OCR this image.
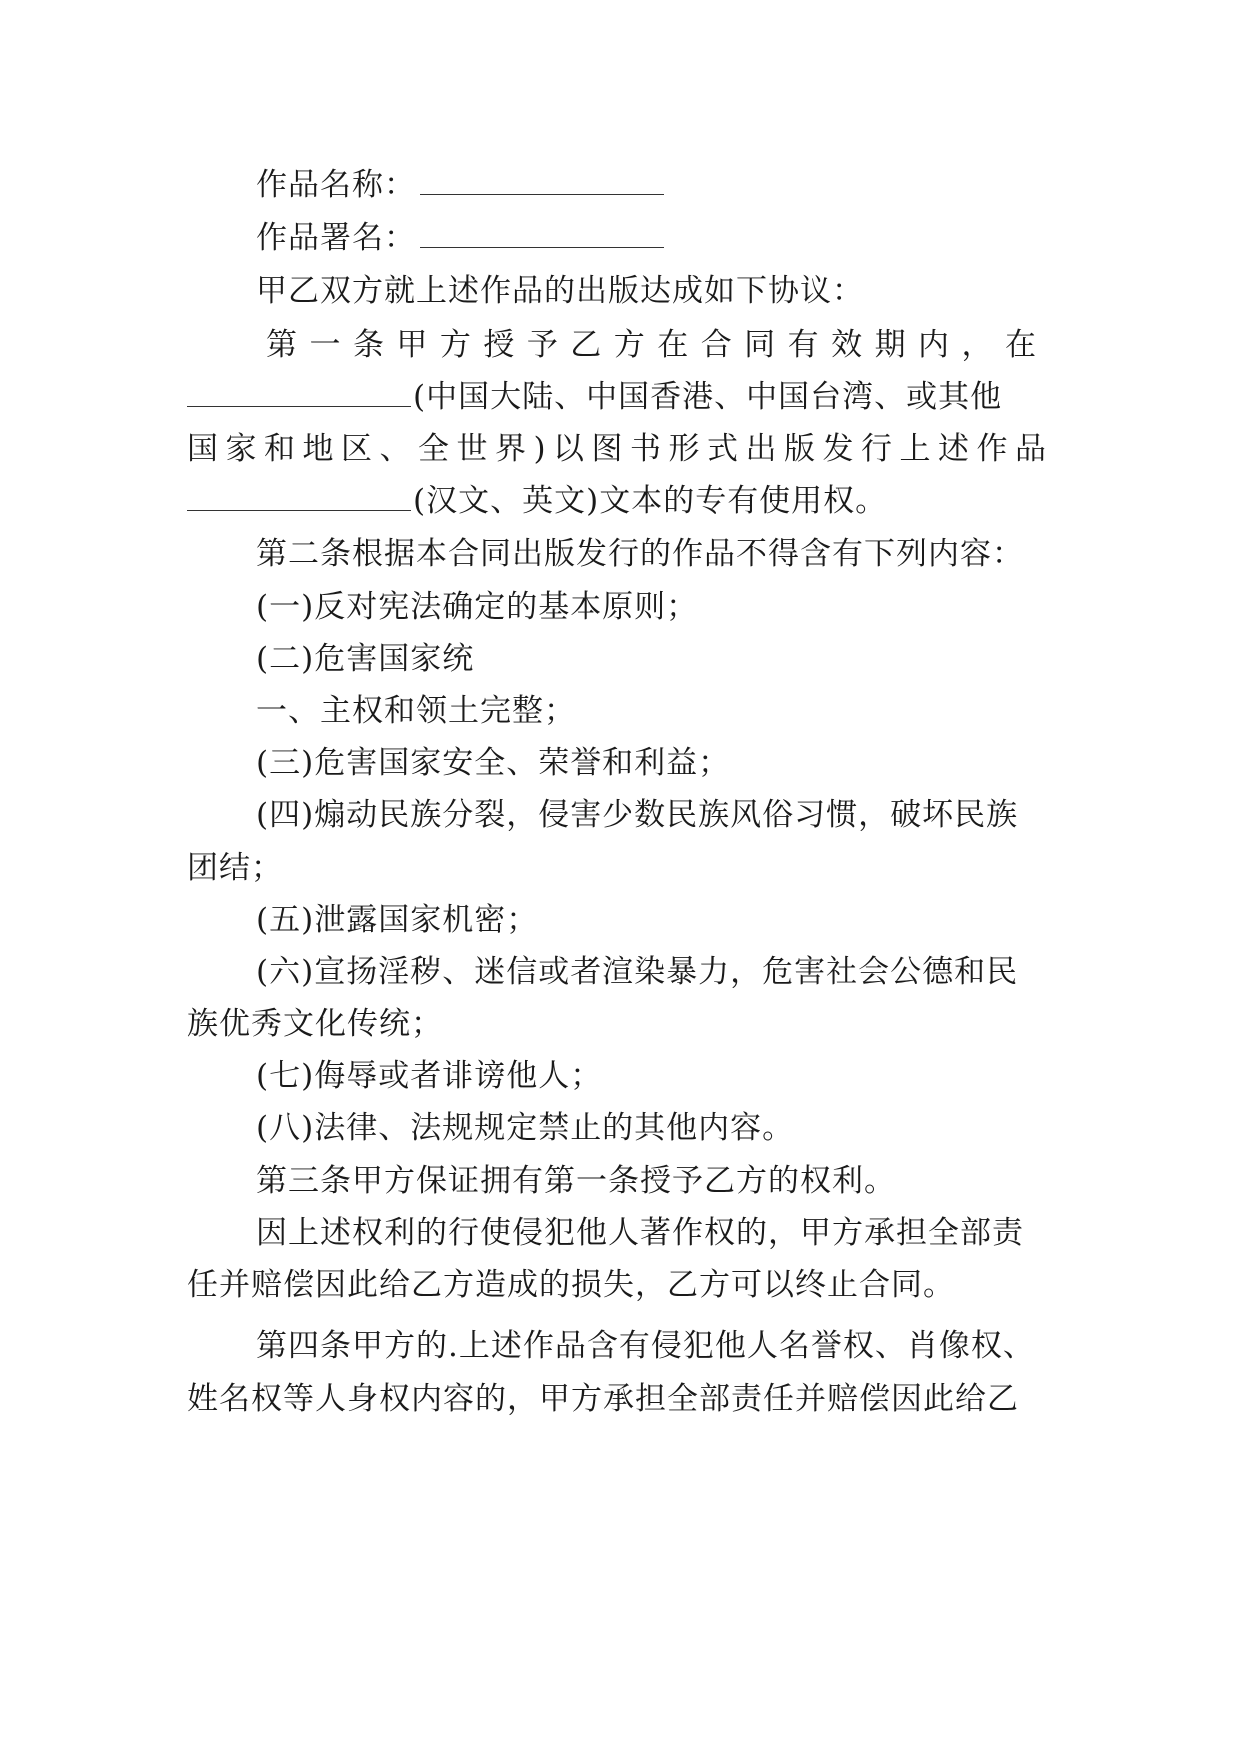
作品名称：
作品署名：
甲乙双方就上述作品的出版达成如下协议：
第一条甲方授予乙方在合同有效期内，在
(中国大陆、中国香港、中国台湾、或其他
国家和地区、全世界)以图书形式出版发行上述作品
(汉文、英文)文本的专有使用权。
第二条根据本合同出版发行的作品不得含有下列内容：
(一)反对宪法确定的基本原则；
(二)危害国家统
一、主权和领土完整；
(三)危害国家安全、荣誉和利益；
(四)煽动民族分裂，侵害少数民族风俗习惯，破坏民族
团结；
(五)泄露国家机密；
(六)宣扬淫秽、迷信或者渲染暴力，危害社会公德和民
族优秀文化传统；
(七)侮辱或者诽谤他人；
(八)法律、法规规定禁止的其他内容。
第三条甲方保证拥有第一条授予乙方的权利。
因上述权利的行使侵犯他人著作权的，甲方承担全部责
任并赔偿因此给乙方造成的损失，乙方可以终止合同。
第四条甲方的.上述作品含有侵犯他人名誉权、肖像权、
姓名权等人身权内容的，甲方承担全部责任并赔偿因此给乙
